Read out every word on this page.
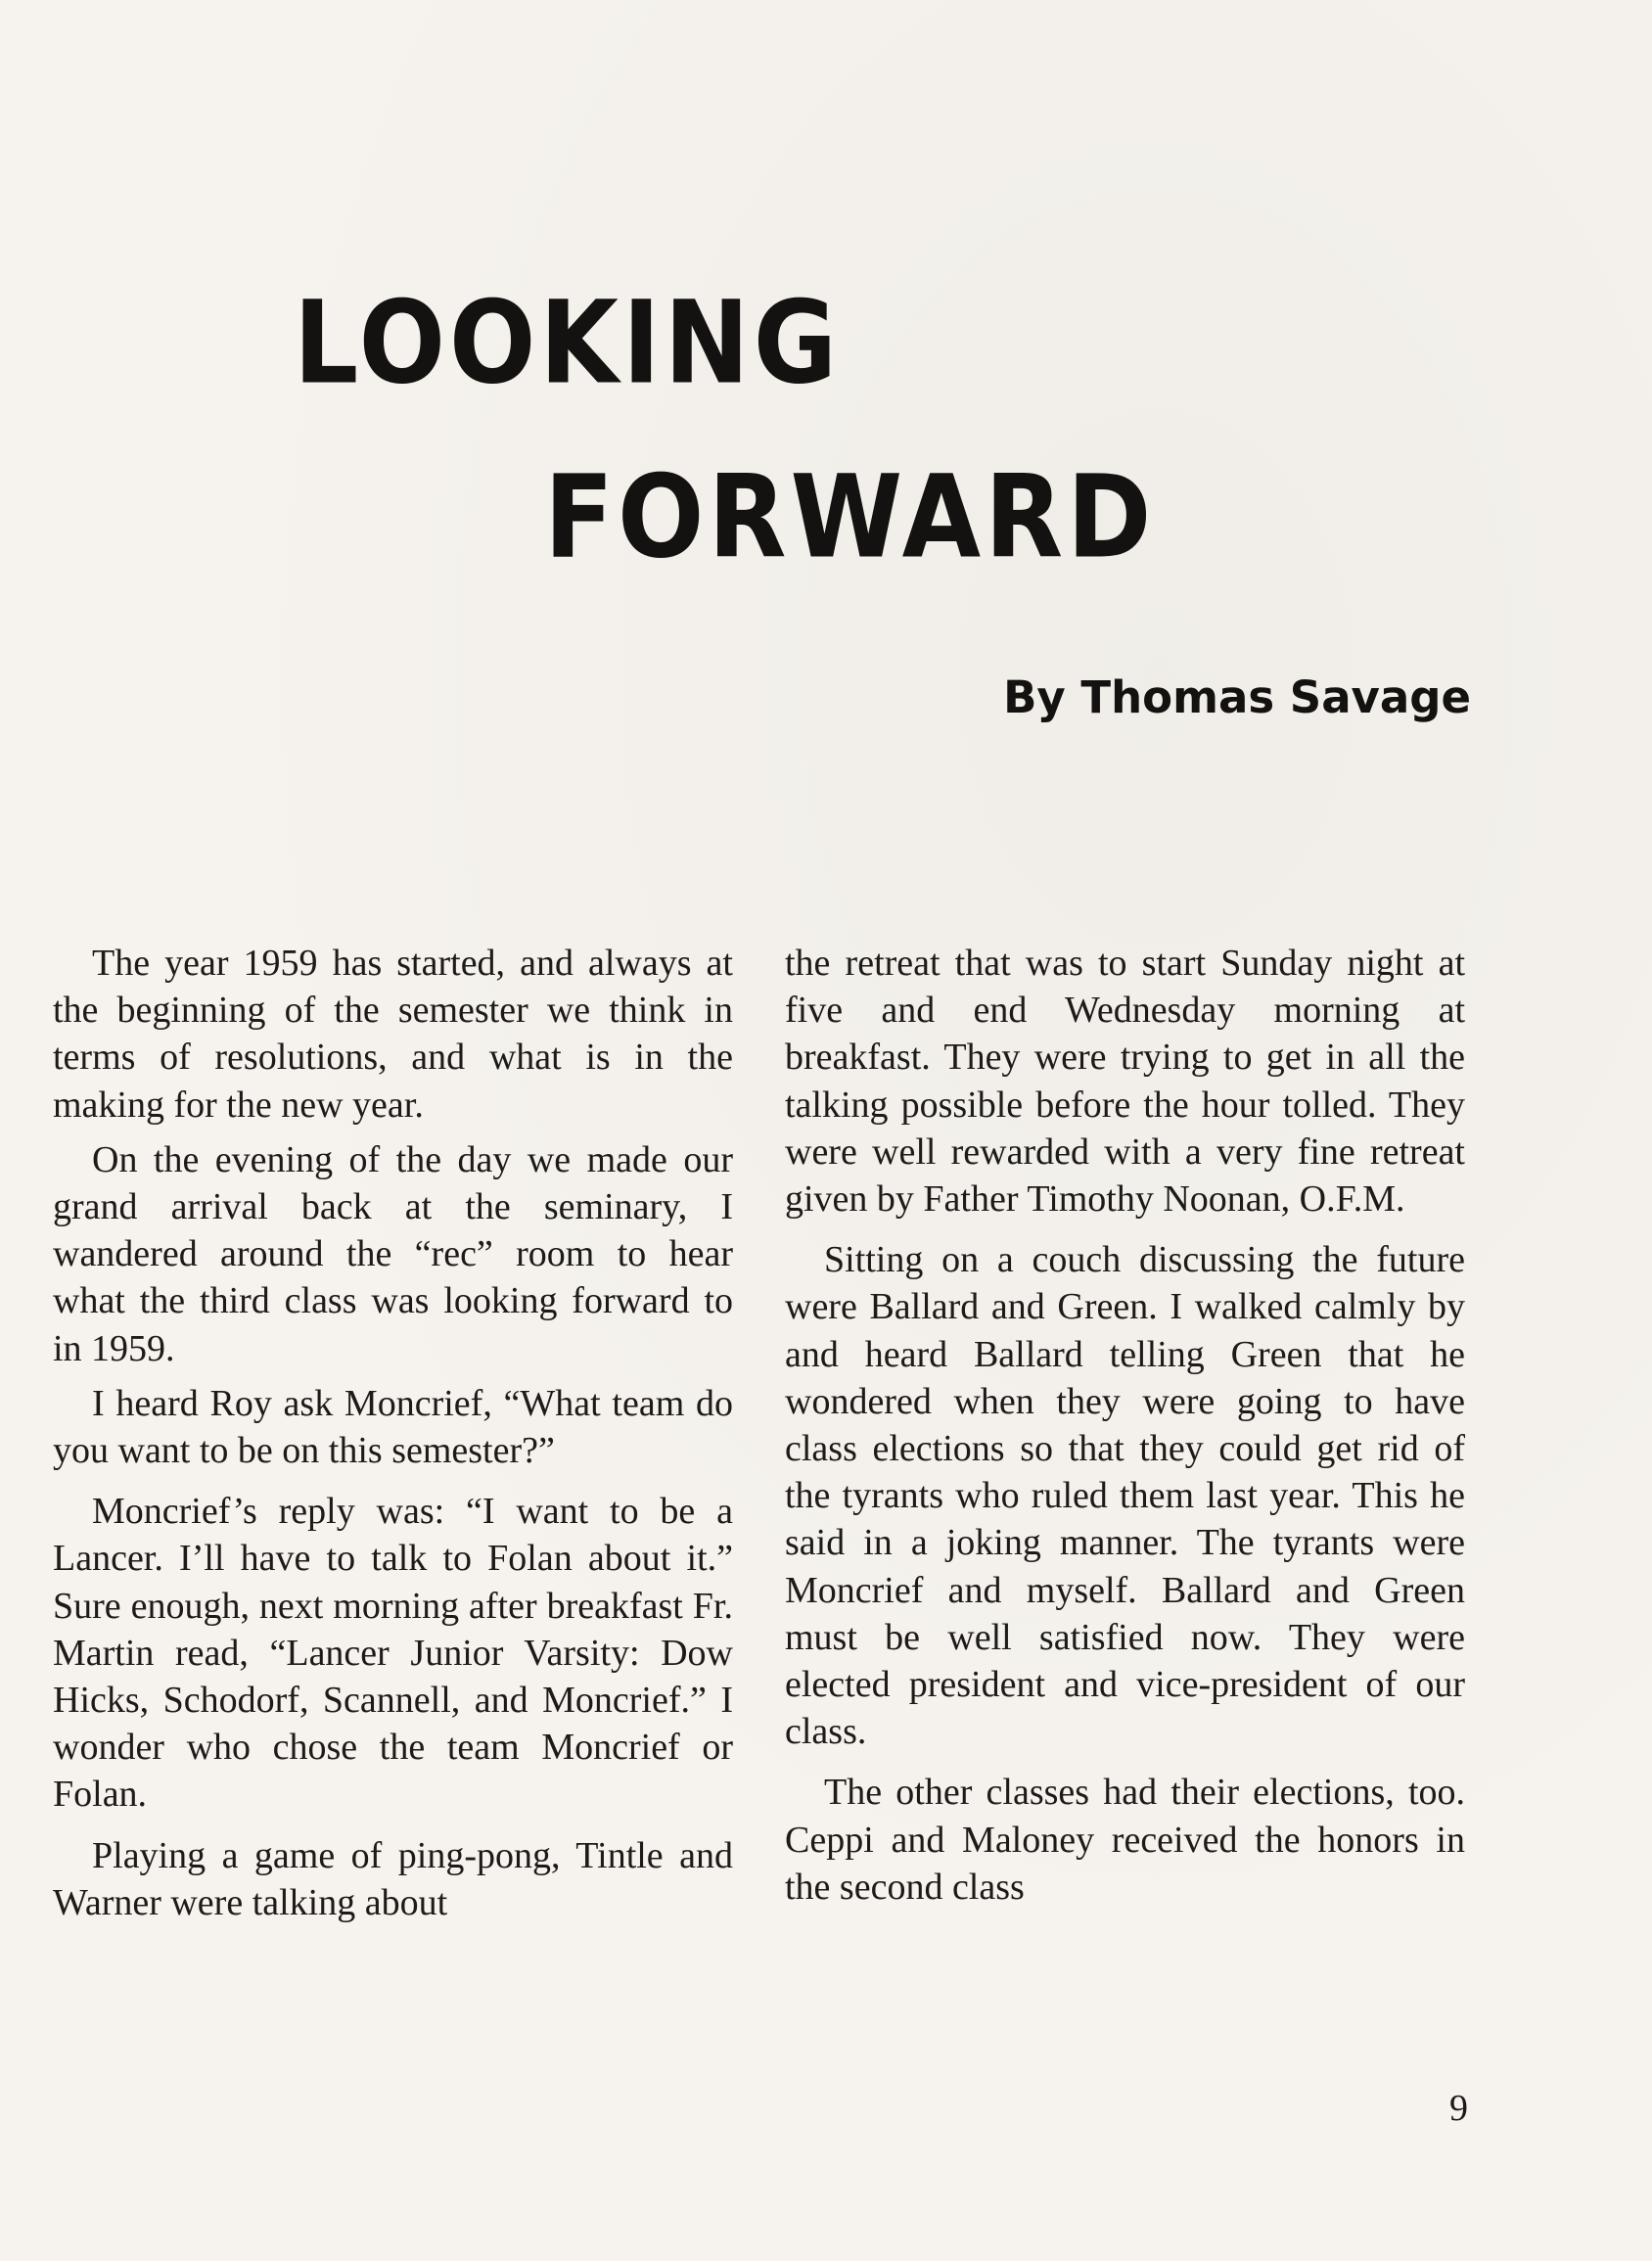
LOOKING
FORWARD
By Thomas Savage

The year 1959 has started, and always at the beginning of the semester we think in terms of resolutions, and what is in the making for the new year.

On the evening of the day we made our grand arrival back at the seminary, I wandered around the “rec” room to hear what the third class was looking forward to in 1959.

I heard Roy ask Moncrief, “What team do you want to be on this semester?”

Moncrief’s reply was: “I want to be a Lancer. I’ll have to talk to Folan about it.” Sure enough, next morning after breakfast Fr. Martin read, “Lancer Junior Varsity: Dow Hicks, Schodorf, Scannell, and Moncrief.” I wonder who chose the team Moncrief or Folan.

Playing a game of ping-pong, Tintle and Warner were talking about

the retreat that was to start Sunday night at five and end Wednesday morning at breakfast. They were trying to get in all the talking possible before the hour tolled. They were well rewarded with a very fine retreat given by Father Timothy Noonan, O.F.M.

Sitting on a couch discussing the future were Ballard and Green. I walked calmly by and heard Ballard telling Green that he wondered when they were going to have class elections so that they could get rid of the tyrants who ruled them last year. This he said in a joking manner. The tyrants were Moncrief and myself. Ballard and Green must be well satisfied now. They were elected president and vice-president of our class.

The other classes had their elections, too. Ceppi and Maloney received the honors in the second class

9
